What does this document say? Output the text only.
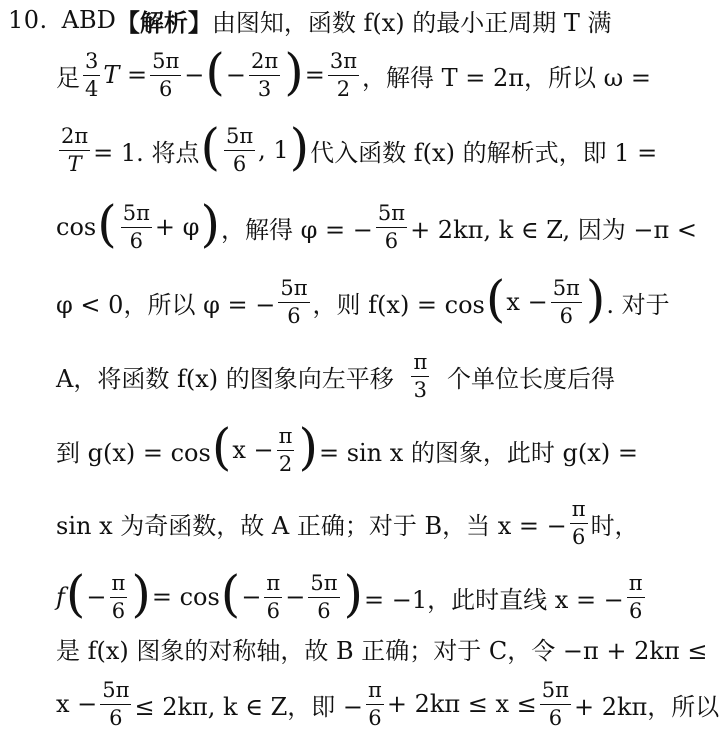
10. ABD 【解析】 由图知，函数 f(x) 的最小正周期 T 满
足 $\frac{3}{4}$ $T = \frac{5\pi}{6}$ − ( − $\frac{2\pi}{3}$ ) = $\frac{3\pi}{2}$ ，解得 T = 2π，所以 ω =
$\frac{2\pi}{T} = 1$. 将点 ( $\frac{5\pi}{6}$ , 1 ) 代入函数 f(x) 的解析式，即 1 =
cos ( $\frac{5\pi}{6} + \varphi$ ) ，解得 φ = − $\frac{5\pi}{6} + 2k\pi$, k ∈ Z, 因为 −π <
φ < 0，所以 φ = − $\frac{5\pi}{6}$ ，则 f(x) = cos ( $x - \frac{5\pi}{6}$ ) . 对于
A，将函数 f(x) 的图象向左平移 $\frac{\pi}{3}$ 个单位长度后得
到 g(x) = cos ( $x - \frac{\pi}{2}$ ) = sin x 的图象，此时 g(x) =
sin x 为奇函数，故 A 正确；对于 B，当 x = − $\frac{\pi}{6}$ 时，
f ( − $\frac{\pi}{6}$ ) = cos ( − $\frac{\pi}{6} - \frac{5\pi}{6}$ ) = −1，此时直线 x = − $\frac{\pi}{6}$
是 f(x) 图象的对称轴，故 B 正确；对于 C，令 −π + 2kπ ≤
$x - \frac{5\pi}{6} \le 2k\pi$, k ∈ Z，即 − $\frac{\pi}{6} + 2k\pi \le x \le \frac{5\pi}{6} + 2k\pi$，所以
